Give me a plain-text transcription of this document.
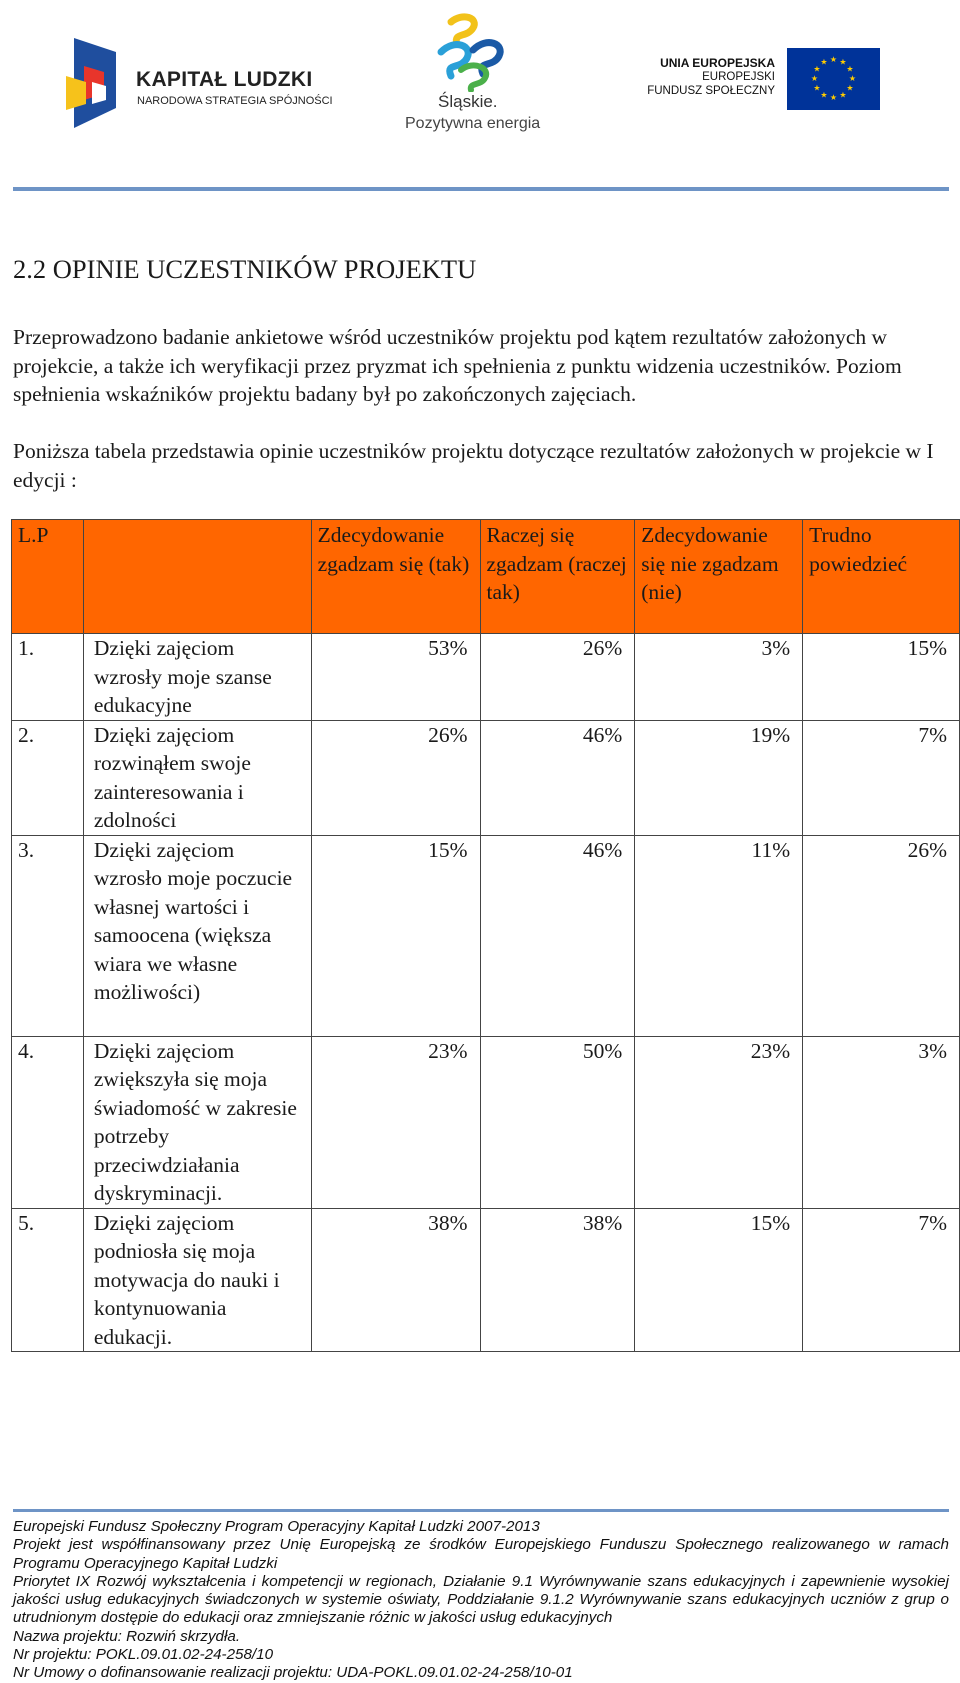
KAPITAŁ LUDZKI
NARODOWA STRATEGIA SPÓJNOŚCI	Śląskie.
Pozytywna energia
UNIA EUROPEJSKA
EUROPEJSKI
FUNDUSZ SPOŁECZNY
★ ★
★
★
★
★
★
★
★
★
★
★
2.2 OPINIE UCZESTNIKÓW PROJEKTU
Przeprowadzono badanie ankietowe wśród uczestników projektu pod kątem rezultatów założonych w projekcie, a także ich weryfikacji przez pryzmat ich spełnienia z punktu widzenia uczestników. Poziom spełnienia wskaźników projektu badany był po zakończonych zajęciach.
Poniższa tabela przedstawia opinie uczestników projektu dotyczące rezultatów założonych w projekcie w I edycji :
L.P		Zdecydowanie zgadzam się (tak)	Raczej się zgadzam (raczej tak)	Zdecydowanie się nie zgadzam (nie)	Trudno powiedzieć
1.	Dzięki zajęciom wzrosły moje szanse edukacyjne	53%	26%	3%	15%
2.	Dzięki zajęciom rozwinąłem swoje zainteresowania i zdolności	26%	46%	19%	7%
3.	Dzięki zajęciom wzrosło moje poczucie własnej wartości i samoocena (większa wiara we własne możliwości)	15%	46%	11%	26%
4.	Dzięki zajęciom zwiększyła się moja świadomość w zakresie potrzeby przeciwdziałania dyskryminacji.	23%	50%	23%	3%
5.	Dzięki zajęciom podniosła się moja motywacja do nauki i kontynuowania edukacji.	38%	38%	15%	7%
Europejski Fundusz Społeczny Program Operacyjny Kapitał Ludzki 2007-2013
Projekt jest współfinansowany przez Unię Europejską ze środków Europejskiego Funduszu Społecznego realizowanego w ramach Programu Operacyjnego Kapitał Ludzki
Priorytet IX Rozwój wykształcenia i kompetencji w regionach, Działanie 9.1 Wyrównywanie szans edukacyjnych i zapewnienie wysokiej jakości usług edukacyjnych świadczonych w systemie oświaty, Poddziałanie 9.1.2 Wyrównywanie szans edukacyjnych uczniów z grup o utrudnionym dostępie do edukacji oraz zmniejszanie różnic w jakości usług edukacyjnych
Nazwa projektu: Rozwiń skrzydła.
Nr projektu: POKL.09.01.02-24-258/10
Nr Umowy o dofinansowanie realizacji projektu: UDA-POKL.09.01.02-24-258/10-01
